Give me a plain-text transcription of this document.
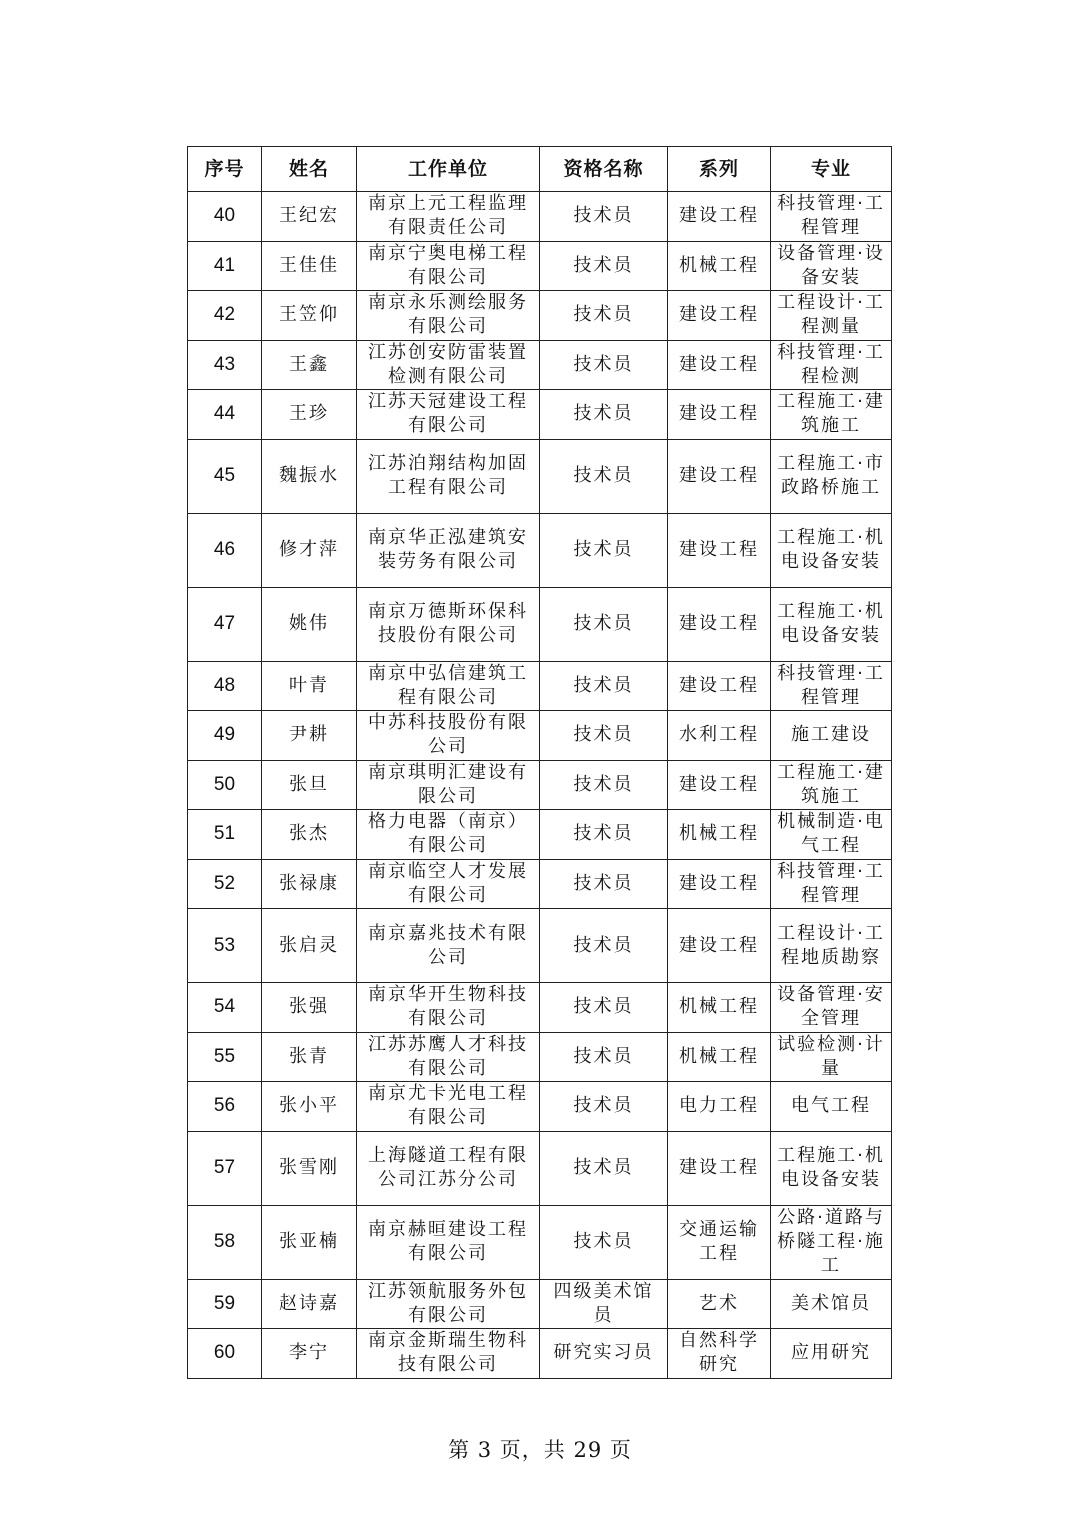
序号	姓名	工作单位	资格名称	系列	专业
40	王纪宏	南京上元工程监理有限责任公司	技术员	建设工程	科技管理·工程管理
41	王佳佳	南京宁奥电梯工程有限公司	技术员	机械工程	设备管理·设备安装
42	王笠仰	南京永乐测绘服务有限公司	技术员	建设工程	工程设计·工程测量
43	王鑫	江苏创安防雷装置检测有限公司	技术员	建设工程	科技管理·工程检测
44	王珍	江苏天冠建设工程有限公司	技术员	建设工程	工程施工·建筑施工
45	魏振水	江苏泊翔结构加固工程有限公司	技术员	建设工程	工程施工·市政路桥施工
46	修才萍	南京华正泓建筑安装劳务有限公司	技术员	建设工程	工程施工·机电设备安装
47	姚伟	南京万德斯环保科技股份有限公司	技术员	建设工程	工程施工·机电设备安装
48	叶青	南京中弘信建筑工程有限公司	技术员	建设工程	科技管理·工程管理
49	尹耕	中苏科技股份有限公司	技术员	水利工程	施工建设
50	张旦	南京琪明汇建设有限公司	技术员	建设工程	工程施工·建筑施工
51	张杰	格力电器（南京）有限公司	技术员	机械工程	机械制造·电气工程
52	张禄康	南京临空人才发展有限公司	技术员	建设工程	科技管理·工程管理
53	张启灵	南京嘉兆技术有限公司	技术员	建设工程	工程设计·工程地质勘察
54	张强	南京华开生物科技有限公司	技术员	机械工程	设备管理·安全管理
55	张青	江苏苏鹰人才科技有限公司	技术员	机械工程	试验检测·计量
56	张小平	南京尤卡光电工程有限公司	技术员	电力工程	电气工程
57	张雪刚	上海隧道工程有限公司江苏分公司	技术员	建设工程	工程施工·机电设备安装
58	张亚楠	南京赫晅建设工程有限公司	技术员	交通运输工程	公路·道路与桥隧工程·施工
59	赵诗嘉	江苏领航服务外包有限公司	四级美术馆员	艺术	美术馆员
60	李宁	南京金斯瑞生物科技有限公司	研究实习员	自然科学研究	应用研究
第 3 页，共 29 页
